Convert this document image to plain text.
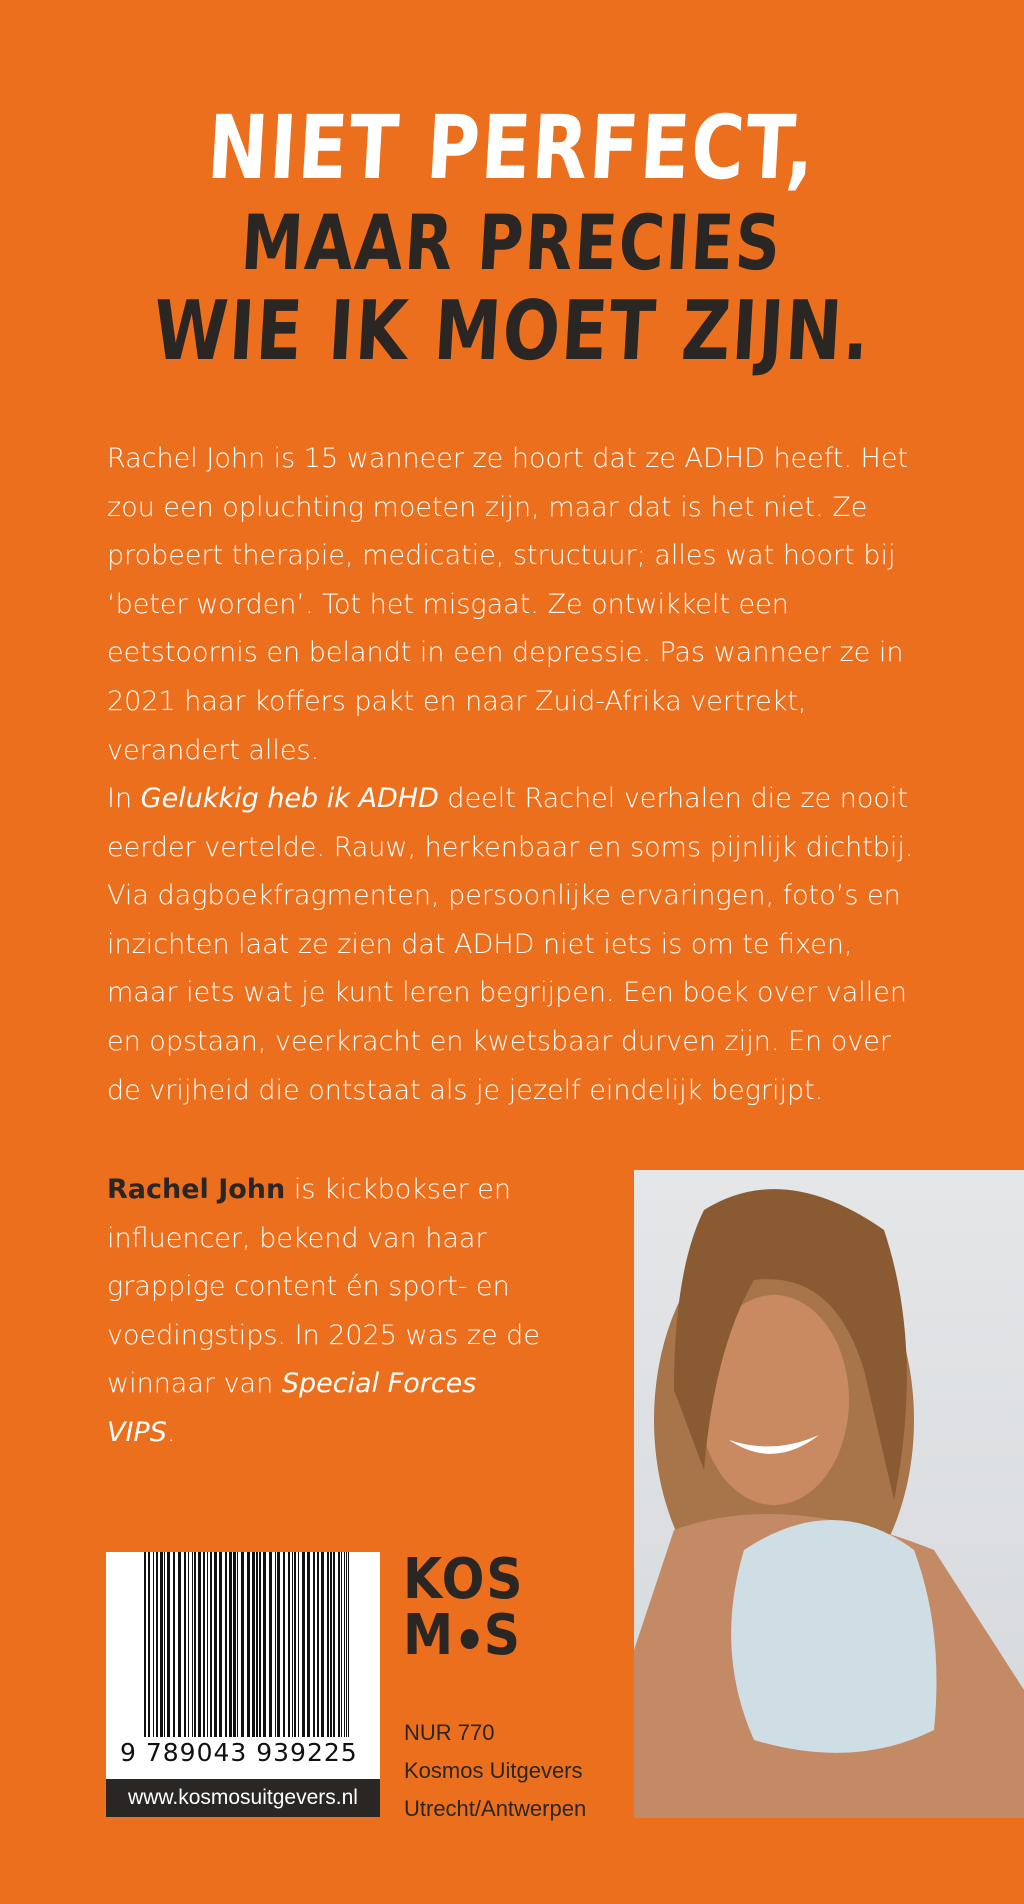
NIET PERFECT,
MAAR PRECIES
WIE IK MOET ZIJN.
Rachel John is 15 wanneer ze hoort dat ze ADHD heeft. Het zou een opluchting moeten zijn, maar dat is het niet. Ze probeert therapie, medicatie, structuur; alles wat hoort bij ‘beter worden’. Tot het misgaat. Ze ontwikkelt een eetstoornis en belandt in een depressie. Pas wanneer ze in 2021 haar koffers pakt en naar Zuid-Afrika vertrekt, verandert alles.
In Gelukkig heb ik ADHD deelt Rachel verhalen die ze nooit eerder vertelde. Rauw, herkenbaar en soms pijnlijk dichtbij. Via dagboekfragmenten, persoonlijke ervaringen, foto’s en inzichten laat ze zien dat ADHD niet iets is om te fixen, maar iets wat je kunt leren begrijpen. Een boek over vallen en opstaan, veerkracht en kwetsbaar durven zijn. En over de vrijheid die ontstaat als je jezelf eindelijk begrijpt.
Rachel John is kickbokser en influencer, bekend van haar grappige content én sport- en voedingstips. In 2025 was ze de winnaar van Special Forces VIPS.
9 789043 939225
www.kosmosuitgevers.nl
KOS
M S
NUR 770
Kosmos Uitgevers
Utrecht/Antwerpen
